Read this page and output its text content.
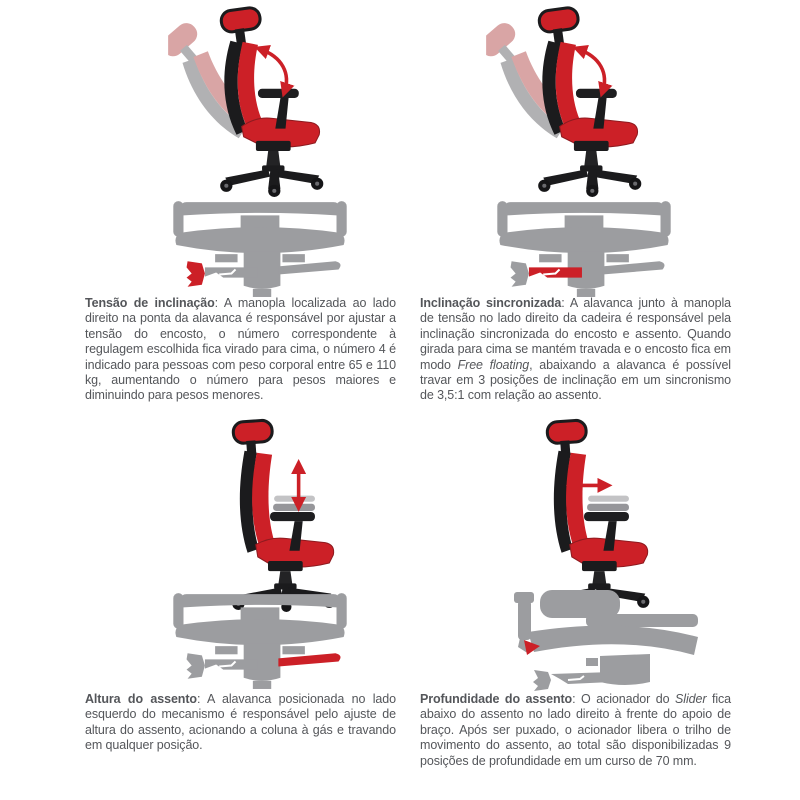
Tensão de inclinação: A manopla localizada ao lado direito na ponta da alavanca é responsável por ajustar a tensão do encosto, o número correspondente à regulagem escolhida fica virado para cima, o número 4 é indicado para pessoas com peso corporal entre 65 e 110 kg, aumentando o número para pesos maiores e diminuindo para pesos menores.

Inclinação sincronizada: A alavanca junto à manopla de tensão no lado direito da cadeira é responsável pela inclinação sincronizada do encosto e assento. Quando girada para cima se mantém travada e o encosto fica em modo Free floating, abaixando a alavanca é possível travar em 3 posições de inclinação em um sincronismo de 3,5:1 com relação ao assento.

Altura do assento: A alavanca posicionada no lado esquerdo do mecanismo é responsável pelo ajuste de altura do assento, acionando a coluna à gás e travando em qualquer posição.

Profundidade do assento: O acionador do Slider fica abaixo do assento no lado direito à frente do apoio de braço. Após ser puxado, o acionador libera o trilho de movimento do assento, ao total são disponibilizadas 9 posições de profundidade em um curso de 70 mm.
